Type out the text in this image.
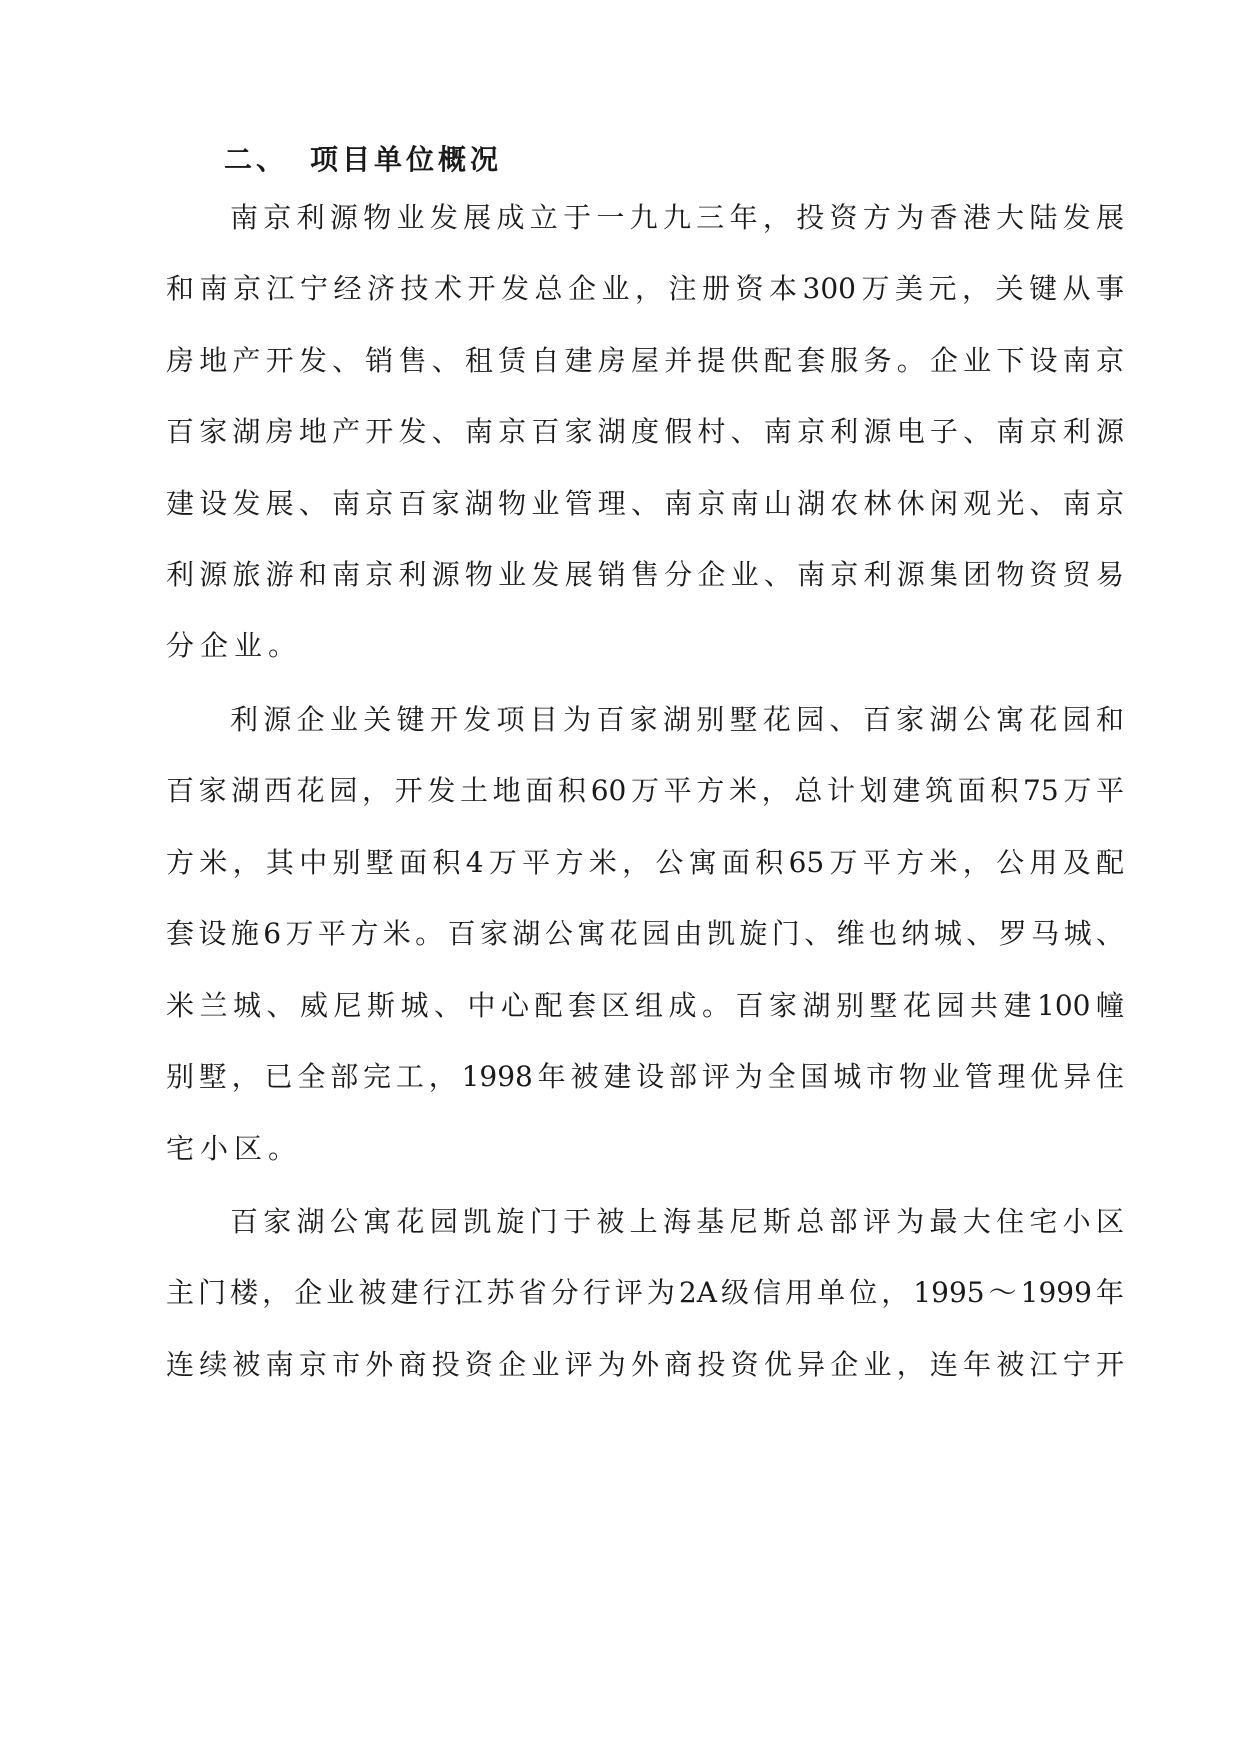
二、 项目单位概况
南京利源物业发展成立于一九九三年，投资方为香港大陆发展
和南京江宁经济技术开发总企业，注册资本300万美元，关键从事
房地产开发、销售、租赁自建房屋并提供配套服务。企业下设南京
百家湖房地产开发、南京百家湖度假村、南京利源电子、南京利源
建设发展、南京百家湖物业管理、南京南山湖农林休闲观光、南京
利源旅游和南京利源物业发展销售分企业、南京利源集团物资贸易
分企业。
利源企业关键开发项目为百家湖别墅花园、百家湖公寓花园和
百家湖西花园，开发土地面积60万平方米，总计划建筑面积75万平
方米，其中别墅面积4万平方米，公寓面积65万平方米，公用及配
套设施6万平方米。百家湖公寓花园由凯旋门、维也纳城、罗马城、
米兰城、威尼斯城、中心配套区组成。百家湖别墅花园共建100幢
别墅，已全部完工，1998年被建设部评为全国城市物业管理优异住
宅小区。
百家湖公寓花园凯旋门于被上海基尼斯总部评为最大住宅小区
主门楼，企业被建行江苏省分行评为2A级信用单位，1995～1999年
连续被南京市外商投资企业评为外商投资优异企业，连年被江宁开
